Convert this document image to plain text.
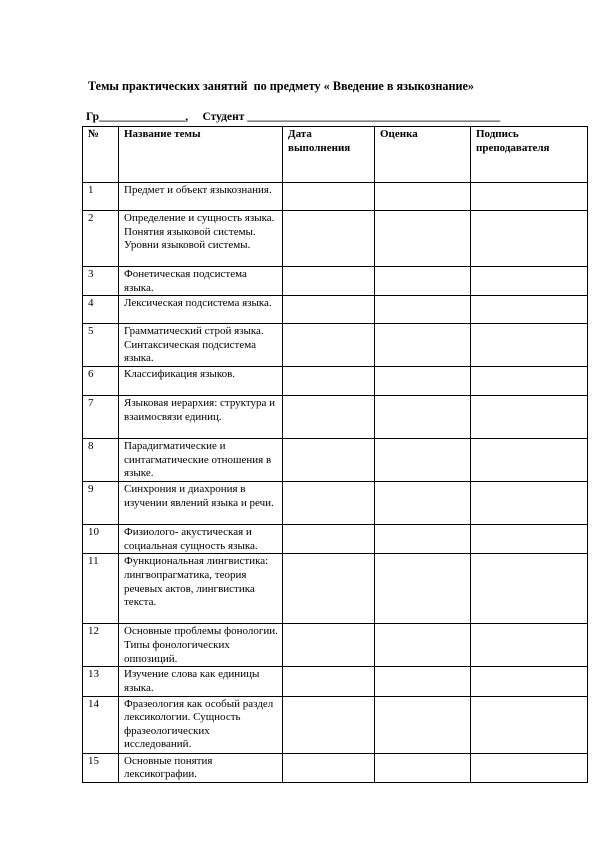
Темы практических занятий  по предмету « Введение в языкознание»
Гр_______________,     Студент ____________________________________________
№	Название темы	Дата выполнения	Оценка	Подпись преподавателя
1	Предмет и объект языкознания.			
2	Определение и сущность языка. Понятия языковой системы. Уровни языковой системы.			
3	Фонетическая подсистема языка.			
4	Лексическая подсистема языка.			
5	Грамматический строй языка. Синтаксическая подсистема языка.			
6	Классификация языков.			
7	Языковая иерархия: структура и взаимосвязи единиц.			
8	Парадигматические и синтагматические отношения в языке.			
9	Синхрония и диахрония в изучении явлений языка и речи.			
10	Физиолого- акустическая и социальная сущность языка.			
11	Функциональная лингвистика: лингвопрагматика, теория речевых актов, лингвистика текста.			
12	Основные проблемы фонологии. Типы фонологических оппозиций.			
13	Изучение слова как единицы языка.			
14	Фразеология как особый раздел лексикологии. Сущность фразеологических исследований.			
15	Основные понятия лексикографии.			
